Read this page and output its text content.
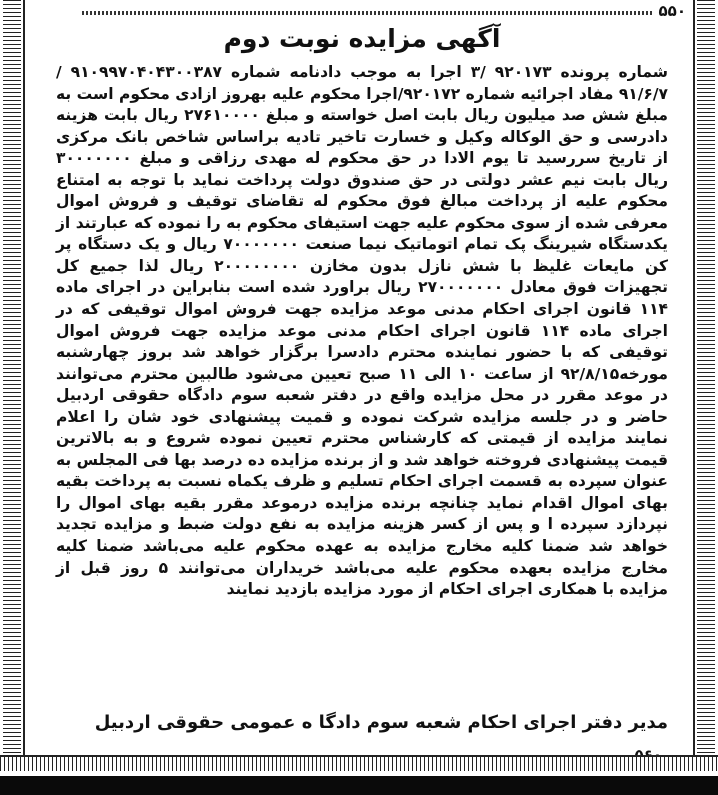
۵۵۰
آگهی مزایده نوبت دوم
شماره پرونده ۹۲۰۱۷۳ /۳ اجرا به موجب دادنامه شماره ۹۱۰۹۹۷۰۴۰۴۳۰۰۳۸۷ /۹۱/۶/۷ مفاد اجرائیه شماره ۹۲۰۱۷۲/اجرا محکوم علیه بهروز ازادی محکوم است به مبلغ شش صد میلیون ریال بابت اصل خواسته و مبلغ ۲۷۶۱۰۰۰۰ ریال بابت هزینه دادرسی و حق الوکاله وکیل و خسارت تاخیر تادیه براساس شاخص بانک مرکزی از تاریخ سررسید تا یوم الادا در حق محکوم له مهدی رزاقی و مبلغ ۳۰۰۰۰۰۰۰ ریال بابت نیم عشر دولتی در حق صندوق دولت پرداخت نماید با توجه به امتناع محکوم علیه از پرداخت مبالغ فوق محکوم له تقاضای توقیف و فروش اموال معرفی شده از سوی محکوم علیه جهت استیفای محکوم به را نموده که عبارتند از یکدستگاه شیرینگ پک تمام اتوماتیک نیما صنعت ۷۰۰۰۰۰۰۰ ریال و یک دستگاه پر کن مایعات غلیظ با شش نازل بدون مخازن ۲۰۰۰۰۰۰۰۰ ریال لذا جمیع کل تجهیزات فوق معادل ۲۷۰۰۰۰۰۰۰ ریال براورد شده است بنابراین در اجرای ماده ۱۱۴ قانون اجرای احکام مدنی موعد مزایده جهت فروش اموال توقیفی که در اجرای ماده ۱۱۴ قانون اجرای احکام مدنی موعد مزایده جهت فروش اموال توقیفی که با حضور نماینده محترم دادسرا برگزار خواهد شد بروز چهارشنبه مورخه۹۲/۸/۱۵ از ساعت ۱۰ الی ۱۱ صبح تعیین می‌شود طالبین محترم می‌توانند در موعد مقرر در محل مزایده واقع در دفتر شعبه سوم دادگاه حقوقی اردبیل حاضر و در جلسه مزایده شرکت نموده و قمیت پیشنهادی خود شان را اعلام نمایند مزایده از قیمتی که کارشناس محترم تعیین نموده شروع و به بالاترین قیمت پیشنهادی فروخته خواهد شد و از برنده مزایده ده درصد بها فی المجلس به عنوان سپرده به قسمت اجرای احکام تسلیم و ظرف یکماه نسبت به پرداخت بقیه بهای اموال اقدام نماید چنانچه برنده مزایده درموعد مقرر بقیه بهای اموال را نپردازد سپرده ا و پس از کسر هزینه مزایده به نفع دولت ضبط و مزایده تجدید خواهد شد ضمنا کلیه مخارج مزایده به عهده محکوم علیه می‌باشد ضمنا کلیه مخارج مزایده بعهده محکوم علیه می‌باشد خریداران می‌توانند ۵ روز قبل از مزایده با همکاری اجرای احکام از مورد مزایده بازدید نمایند
مدیر دفتر اجرای احکام شعبه سوم دادگا ه عمومی حقوقی اردبیل
